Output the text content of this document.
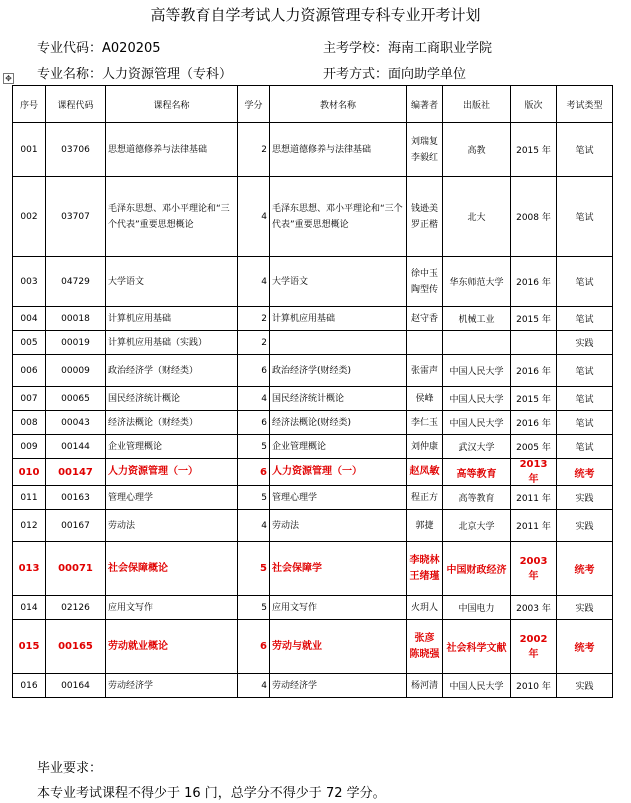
高等教育自学考试人力资源管理专科专业开考计划
专业代码：A020205	主考学校：海南工商职业学院
专业名称：人力资源管理（专科）	开考方式：面向助学单位
✥
序号	课程代码	课程名称	学分	教材名称	编著者	出版社	版次	考试类型
001	03706	思想道德修养与法律基础	2	思想道德修养与法律基础	刘瑞复 李毅红	高教	2015 年	笔试
002	03707	毛泽东思想、邓小平理论和“三个代表”重要思想概论	4	毛泽东思想、邓小平理论和“三个代表”重要思想概论	钱逊美 罗正楷	北大	2008 年	笔试
003	04729	大学语文	4	大学语文	徐中玉 陶型传	华东师范大学	2016 年	笔试
004	00018	计算机应用基础	2	计算机应用基础	赵守香	机械工业	2015 年	笔试
005	00019	计算机应用基础（实践）	2					实践
006	00009	政治经济学（财经类）	6	政治经济学(财经类)	张雷声	中国人民大学	2016 年	笔试
007	00065	国民经济统计概论	4	国民经济统计概论	侯峰	中国人民大学	2015 年	笔试
008	00043	经济法概论（财经类）	6	经济法概论(财经类)	李仁玉	中国人民大学	2016 年	笔试
009	00144	企业管理概论	5	企业管理概论	刘仲康	武汉大学	2005 年	笔试
010	00147	人力资源管理（一）	6	人力资源管理（一）	赵凤敏	高等教育	2013 年	统考
011	00163	管理心理学	5	管理心理学	程正方	高等教育	2011 年	实践
012	00167	劳动法	4	劳动法	郭捷	北京大学	2011 年	实践
013	00071	社会保障概论	5	社会保障学	李晓林 王绪瑾	中国财政经济	2003 年	统考
014	02126	应用文写作	5	应用文写作	火玥人	中国电力	2003 年	实践
015	00165	劳动就业概论	6	劳动与就业	张彦 陈晓强	社会科学文献	2002 年	统考
016	00164	劳动经济学	4	劳动经济学	杨河清	中国人民大学	2010 年	实践
毕业要求：
本专业考试课程不得少于 16 门，总学分不得少于 72 学分。
